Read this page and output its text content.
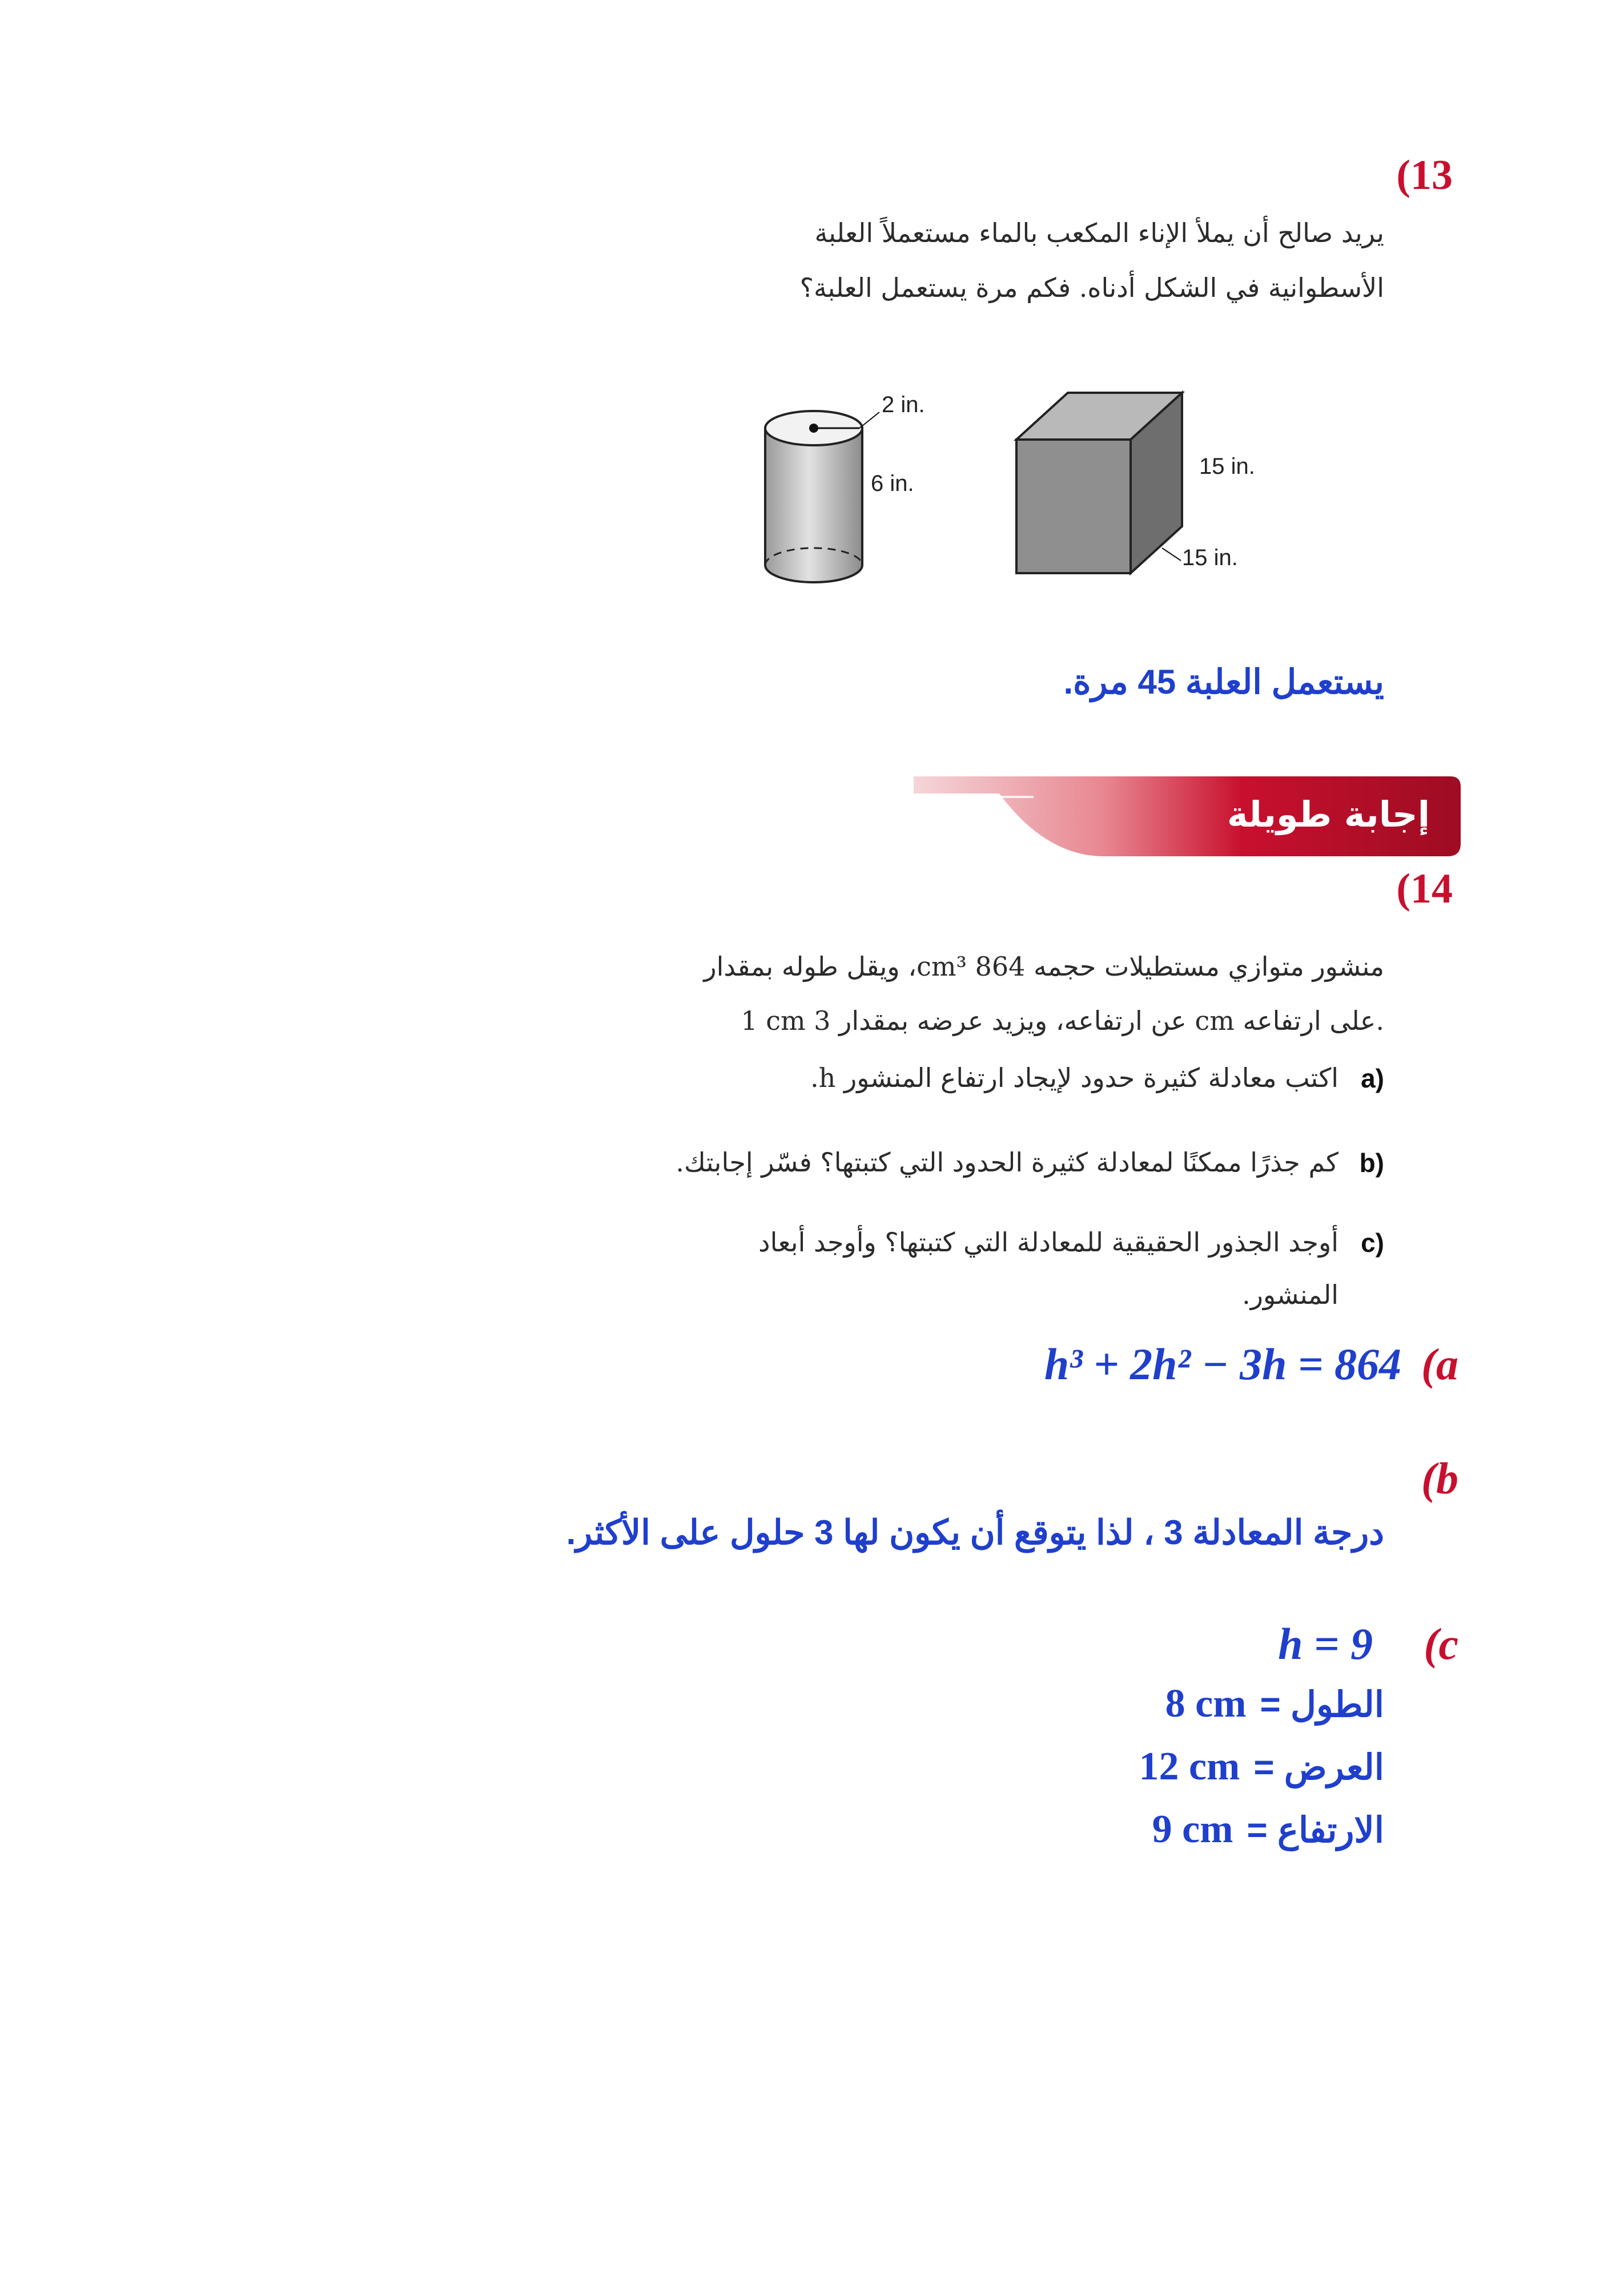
(13
يريد صالح أن يملأ الإناء المكعب بالماء مستعملاً العلبة
الأسطوانية في الشكل أدناه. فكم مرة يستعمل العلبة؟
2 in.
6 in.
15 in.
15 in.
يستعمل العلبة 45 مرة.
إجابة طويلة
(14
منشور متوازي مستطيلات حجمه 864 cm³، ويقل طوله بمقدار
1 cm عن ارتفاعه، ويزيد عرضه بمقدار 3 cm على ارتفاعه.
a)
اكتب معادلة كثيرة حدود لإيجاد ارتفاع المنشور h.
b)
كم جذرًا ممكنًا لمعادلة كثيرة الحدود التي كتبتها؟ فسّر إجابتك.
c)
أوجد الجذور الحقيقية للمعادلة التي كتبتها؟ وأوجد أبعاد
المنشور.
(a
h³ + 2h² − 3h = 864
(b
درجة المعادلة 3 ، لذا يتوقع أن يكون لها 3 حلول على الأكثر.
(c
h = 9
الطول =
8 cm
العرض =
12 cm
الارتفاع =
9 cm
